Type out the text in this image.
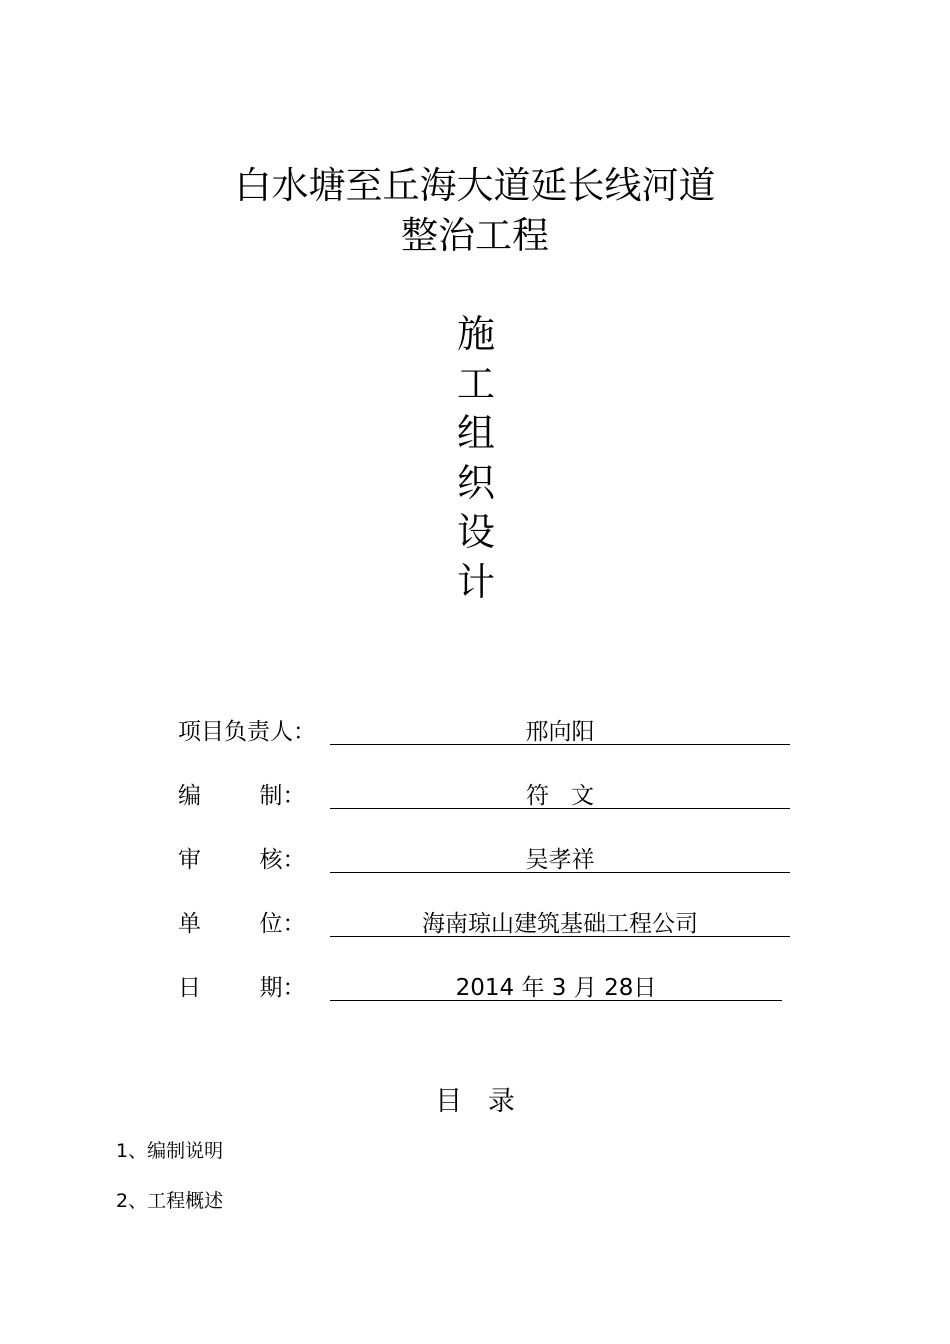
白水塘至丘海大道延长线河道
整治工程
施
工
组
织
设
计
项目负责人：	邢向阳
编        制：	符   文
审        核：	吴孝祥
单        位：	海南琼山建筑基础工程公司
日        期：	2014 年 3 月 28日
目   录
1、编制说明
2、工程概述
